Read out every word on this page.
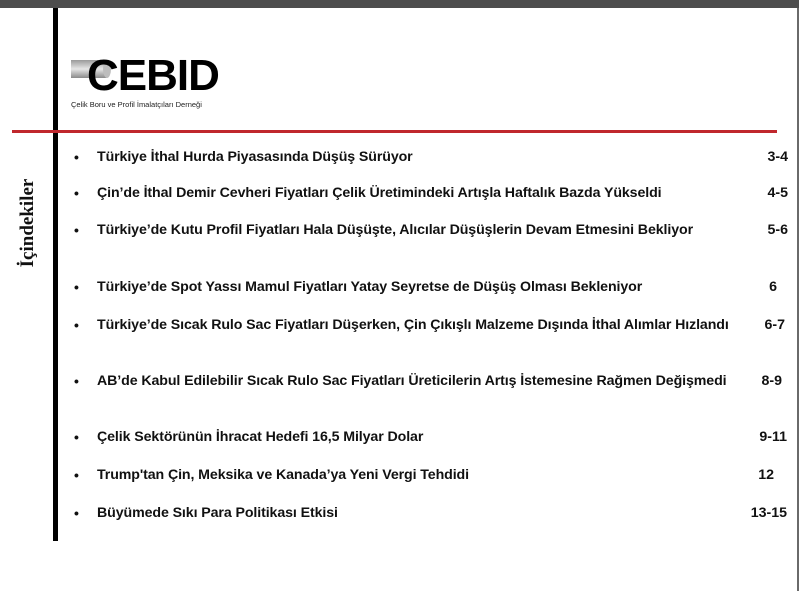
CEBID
Çelik Boru ve Profil İmalatçıları Derneği
İçindekiler
• Türkiye İthal Hurda Piyasasında Düşüş Sürüyor	3-4
• Çin’de İthal Demir Cevheri Fiyatları Çelik Üretimindeki Artışla Haftalık Bazda Yükseldi	4-5
• Türkiye’de Kutu Profil Fiyatları Hala Düşüşte, Alıcılar Düşüşlerin Devam Etmesini Bekliyor	5-6
• Türkiye’de Spot Yassı Mamul Fiyatları Yatay Seyretse de Düşüş Olması Bekleniyor	6
• Türkiye’de Sıcak Rulo Sac Fiyatları Düşerken, Çin Çıkışlı Malzeme Dışında İthal Alımlar Hızlandı	6-7
• AB’de Kabul Edilebilir Sıcak Rulo Sac Fiyatları Üreticilerin Artış İstemesine Rağmen Değişmedi	8-9
• Çelik Sektörünün İhracat Hedefi 16,5 Milyar Dolar	9-11
• Trump'tan Çin, Meksika ve Kanada’ya Yeni Vergi Tehdidi	12
• Büyümede Sıkı Para Politikası Etkisi	13-15
